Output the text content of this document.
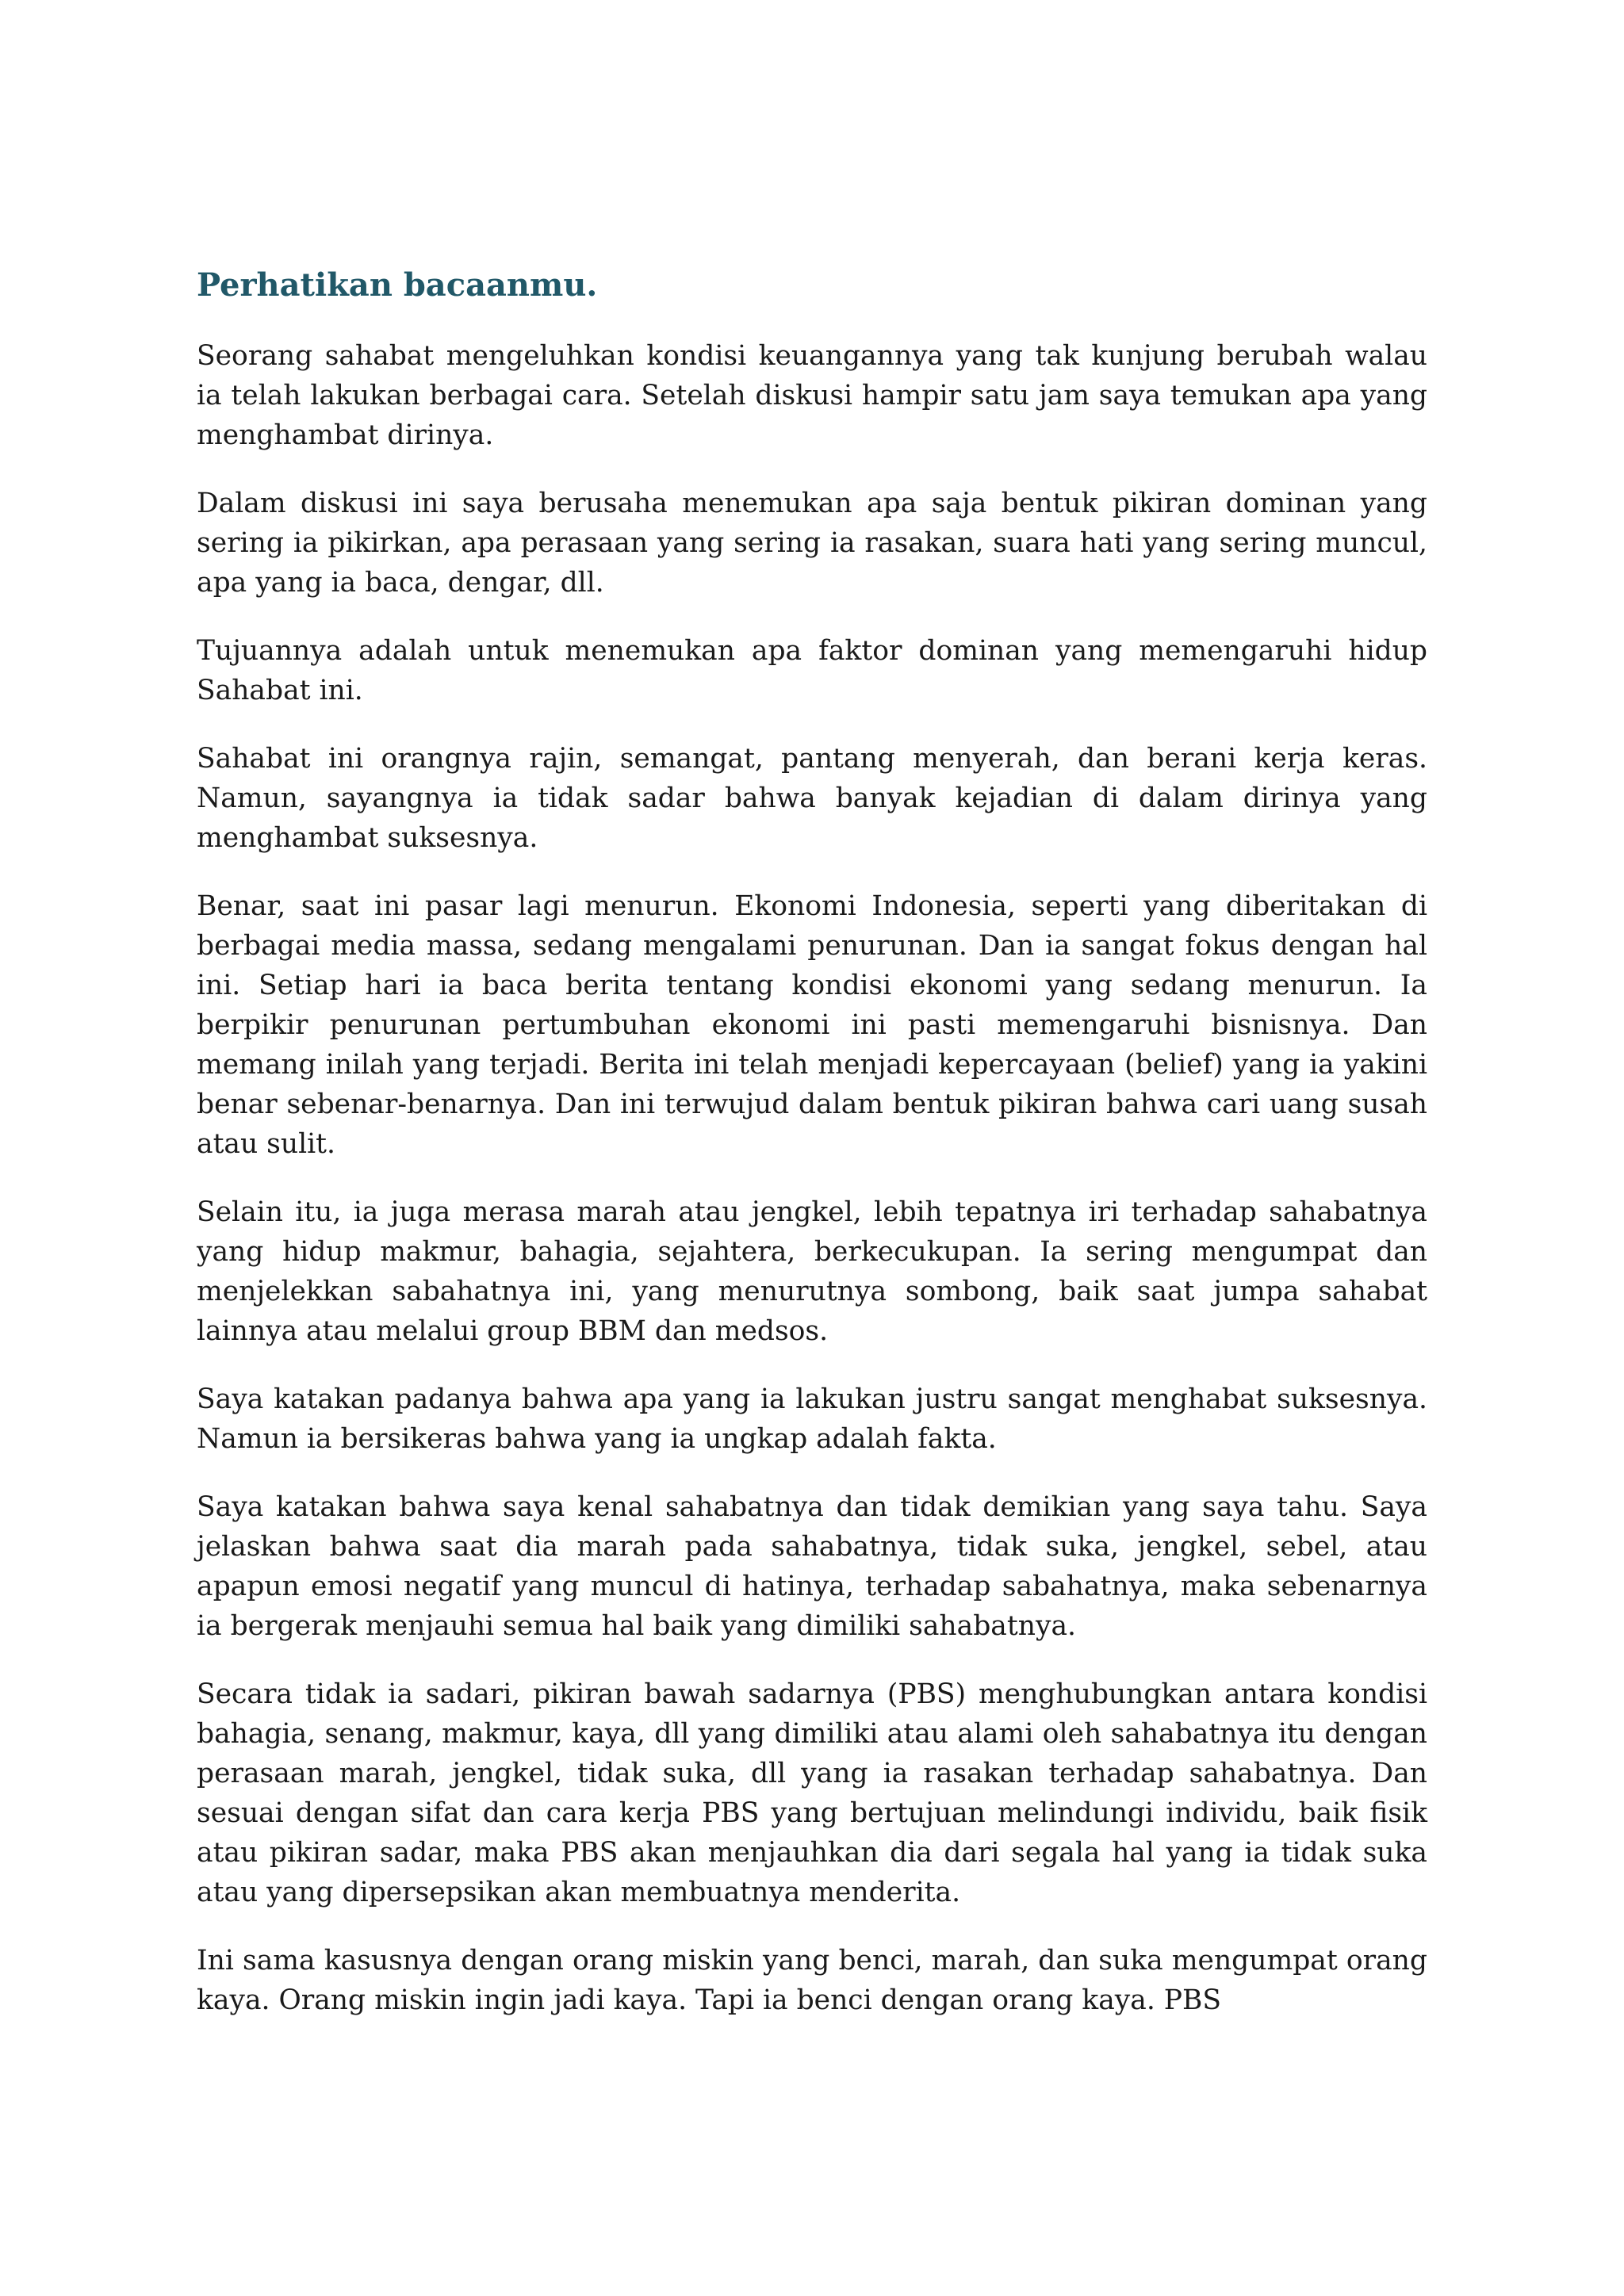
Perhatikan bacaanmu.

Seorang sahabat mengeluhkan kondisi keuangannya yang tak kunjung berubah walau ia telah lakukan berbagai cara. Setelah diskusi hampir satu jam saya temukan apa yang menghambat dirinya.

Dalam diskusi ini saya berusaha menemukan apa saja bentuk pikiran dominan yang sering ia pikirkan, apa perasaan yang sering ia rasakan, suara hati yang sering muncul, apa yang ia baca, dengar, dll.

Tujuannya adalah untuk menemukan apa faktor dominan yang memengaruhi hidup Sahabat ini.

Sahabat ini orangnya rajin, semangat, pantang menyerah, dan berani kerja keras. Namun, sayangnya ia tidak sadar bahwa banyak kejadian di dalam dirinya yang menghambat suksesnya.

Benar, saat ini pasar lagi menurun. Ekonomi Indonesia, seperti yang diberitakan di berbagai media massa, sedang mengalami penurunan. Dan ia sangat fokus dengan hal ini. Setiap hari ia baca berita tentang kondisi ekonomi yang sedang menurun. Ia berpikir penurunan pertumbuhan ekonomi ini pasti memengaruhi bisnisnya. Dan memang inilah yang terjadi. Berita ini telah menjadi kepercayaan (belief) yang ia yakini benar sebenar-benarnya. Dan ini terwujud dalam bentuk pikiran bahwa cari uang susah atau sulit.

Selain itu, ia juga merasa marah atau jengkel, lebih tepatnya iri terhadap sahabatnya yang hidup makmur, bahagia, sejahtera, berkecukupan. Ia sering mengumpat dan menjelekkan sabahatnya ini, yang menurutnya sombong, baik saat jumpa sahabat lainnya atau melalui group BBM dan medsos.

Saya katakan padanya bahwa apa yang ia lakukan justru sangat menghabat suksesnya. Namun ia bersikeras bahwa yang ia ungkap adalah fakta.

Saya katakan bahwa saya kenal sahabatnya dan tidak demikian yang saya tahu. Saya jelaskan bahwa saat dia marah pada sahabatnya, tidak suka, jengkel, sebel, atau apapun emosi negatif yang muncul di hatinya, terhadap sabahatnya, maka sebenarnya ia bergerak menjauhi semua hal baik yang dimiliki sahabatnya.

Secara tidak ia sadari, pikiran bawah sadarnya (PBS) menghubungkan antara kondisi bahagia, senang, makmur, kaya, dll yang dimiliki atau alami oleh sahabatnya itu dengan perasaan marah, jengkel, tidak suka, dll yang ia rasakan terhadap sahabatnya. Dan sesuai dengan sifat dan cara kerja PBS yang bertujuan melindungi individu, baik fisik atau pikiran sadar, maka PBS akan menjauhkan dia dari segala hal yang ia tidak suka atau yang dipersepsikan akan membuatnya menderita.

Ini sama kasusnya dengan orang miskin yang benci, marah, dan suka mengumpat orang kaya. Orang miskin ingin jadi kaya. Tapi ia benci dengan orang kaya. PBS
